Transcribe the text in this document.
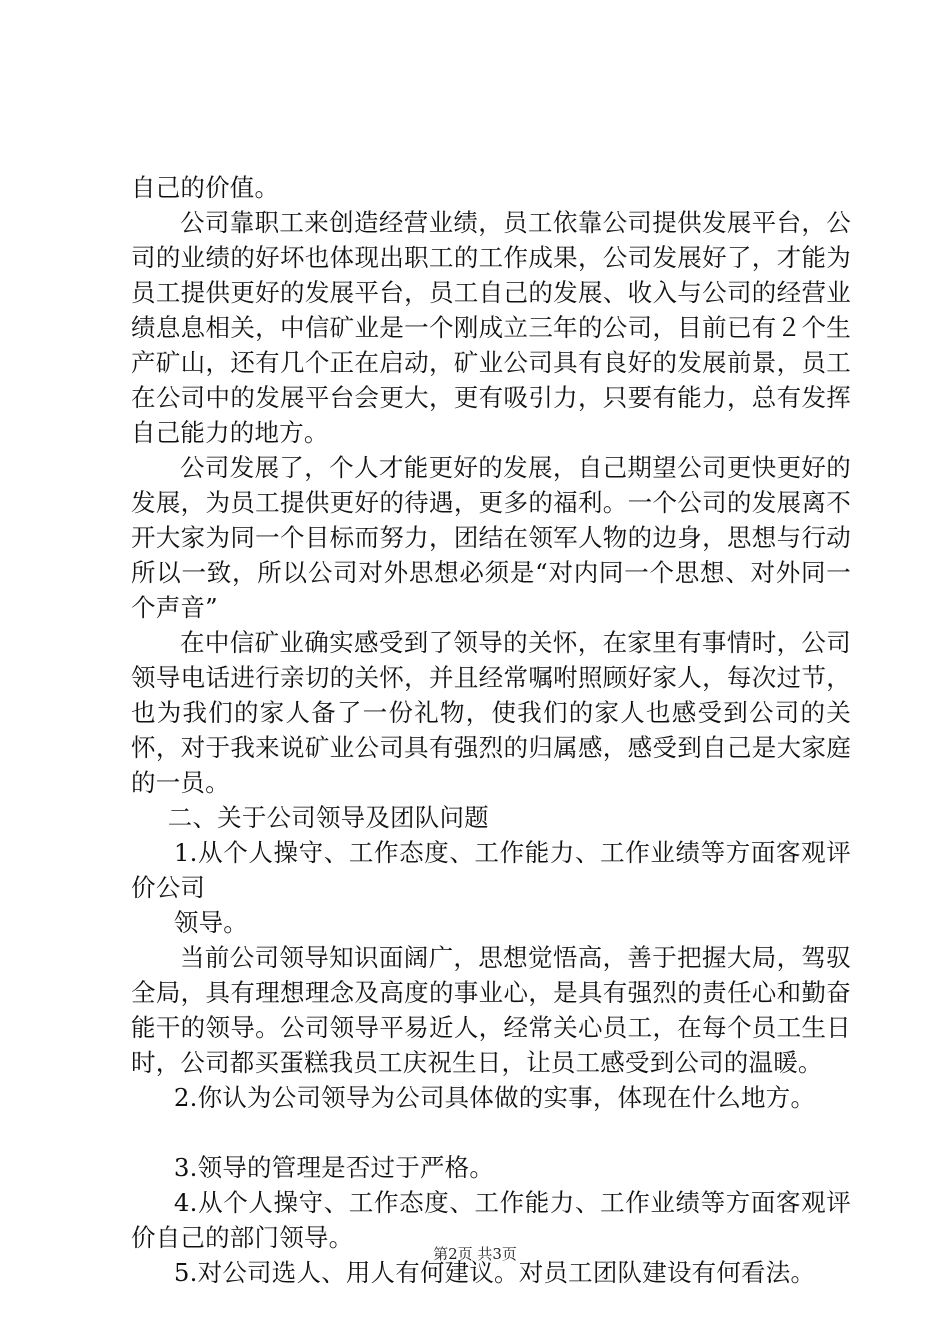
自己的价值。

公司靠职工来创造经营业绩，员工依靠公司提供发展平台，公司的业绩的好坏也体现出职工的工作成果，公司发展好了，才能为员工提供更好的发展平台，员工自己的发展、收入与公司的经营业绩息息相关，中信矿业是一个刚成立三年的公司，目前已有２个生产矿山，还有几个正在启动，矿业公司具有良好的发展前景，员工在公司中的发展平台会更大，更有吸引力，只要有能力，总有发挥自己能力的地方。

公司发展了，个人才能更好的发展，自己期望公司更快更好的发展，为员工提供更好的待遇，更多的福利。一个公司的发展离不开大家为同一个目标而努力，团结在领军人物的边身，思想与行动所以一致，所以公司对外思想必须是“对内同一个思想、对外同一个声音”

在中信矿业确实感受到了领导的关怀，在家里有事情时，公司领导电话进行亲切的关怀，并且经常嘱咐照顾好家人，每次过节，也为我们的家人备了一份礼物，使我们的家人也感受到公司的关怀，对于我来说矿业公司具有强烈的归属感，感受到自己是大家庭的一员。

二、关于公司领导及团队问题

1.从个人操守、工作态度、工作能力、工作业绩等方面客观评价公司

领导。

当前公司领导知识面阔广，思想觉悟高，善于把握大局，驾驭全局，具有理想理念及高度的事业心，是具有强烈的责任心和勤奋能干的领导。公司领导平易近人，经常关心员工，在每个员工生日时，公司都买蛋糕我员工庆祝生日，让员工感受到公司的温暖。

2.你认为公司领导为公司具体做的实事，体现在什么地方。

3.领导的管理是否过于严格。

4.从个人操守、工作态度、工作能力、工作业绩等方面客观评价自己的部门领导。

5.对公司选人、用人有何建议。对员工团队建设有何看法。

第2页 共3页
